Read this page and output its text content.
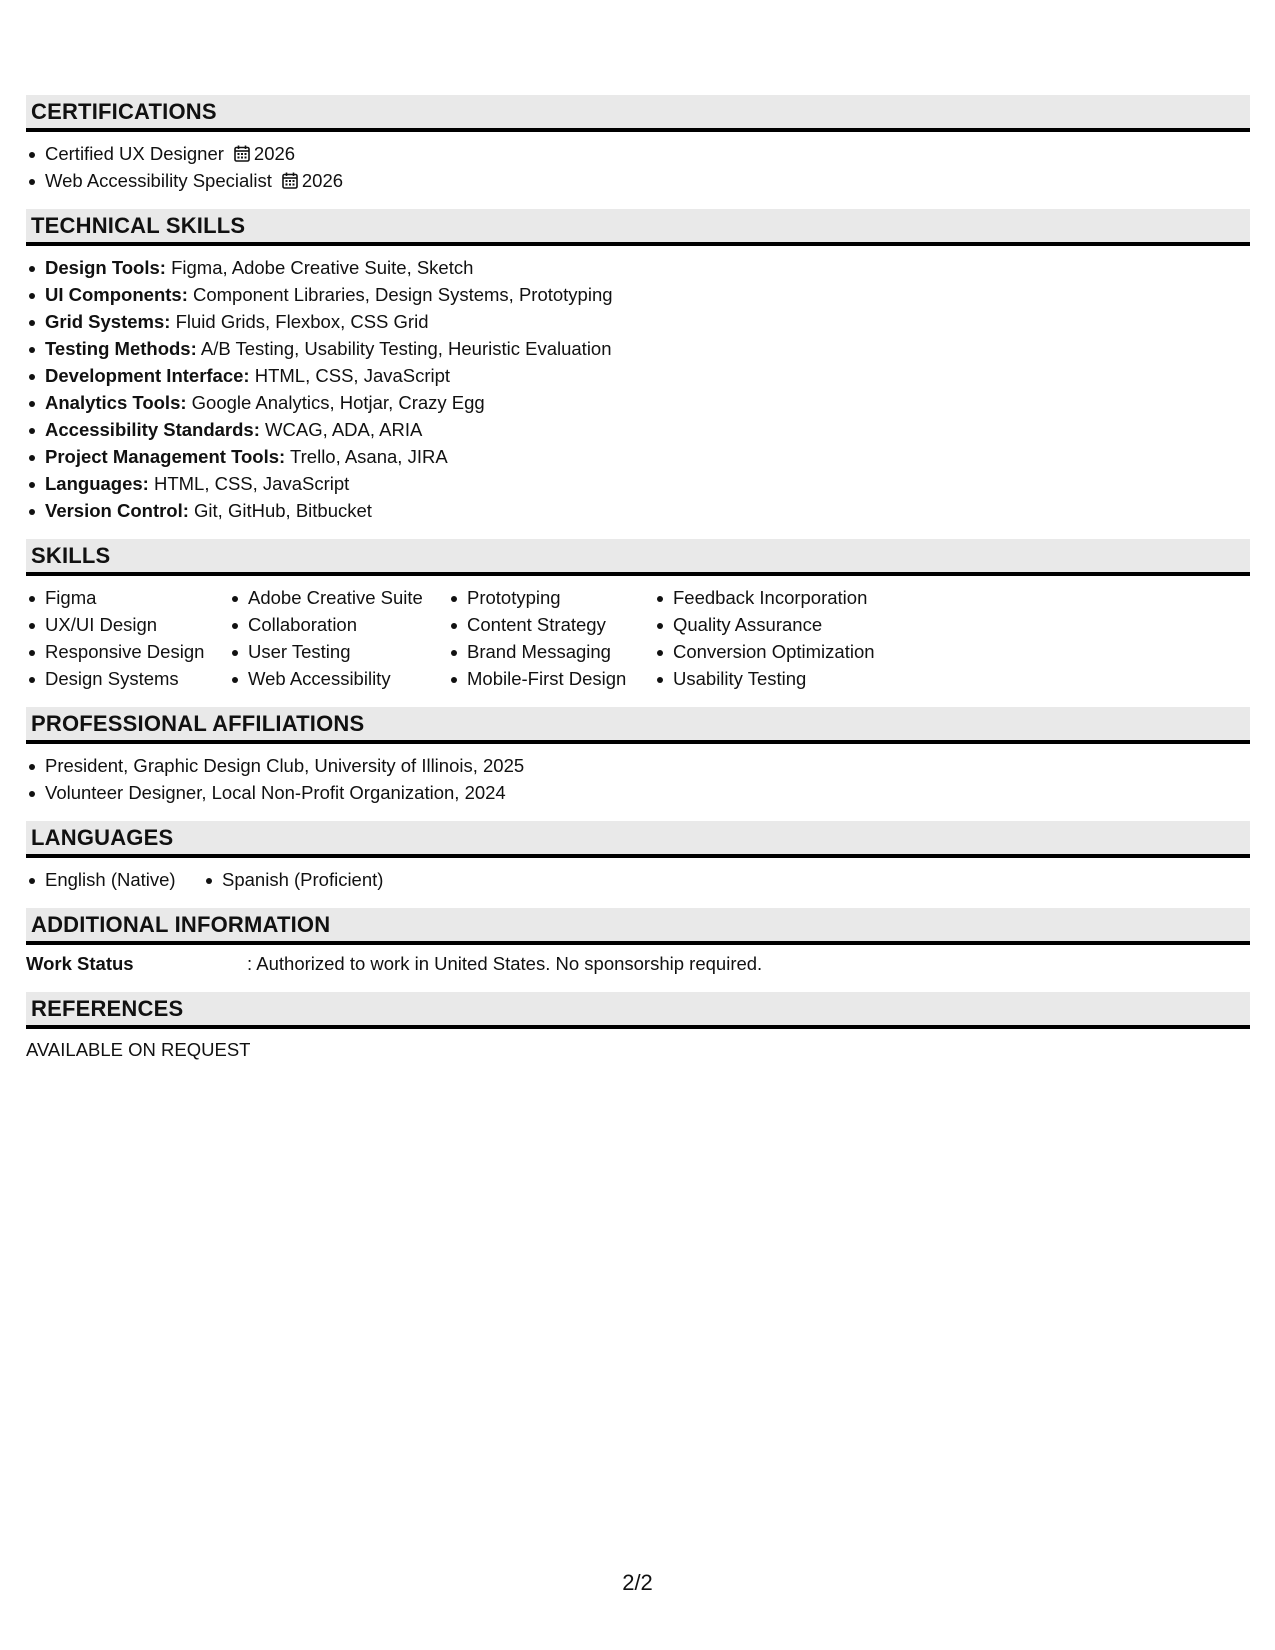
CERTIFICATIONS
Certified UX Designer 2026
Web Accessibility Specialist 2026
TECHNICAL SKILLS
Design Tools: Figma, Adobe Creative Suite, Sketch
UI Components: Component Libraries, Design Systems, Prototyping
Grid Systems: Fluid Grids, Flexbox, CSS Grid
Testing Methods: A/B Testing, Usability Testing, Heuristic Evaluation
Development Interface: HTML, CSS, JavaScript
Analytics Tools: Google Analytics, Hotjar, Crazy Egg
Accessibility Standards: WCAG, ADA, ARIA
Project Management Tools: Trello, Asana, JIRA
Languages: HTML, CSS, JavaScript
Version Control: Git, GitHub, Bitbucket
SKILLS
Figma
UX/UI Design
Responsive Design
Design Systems
Adobe Creative Suite
Collaboration
User Testing
Web Accessibility
Prototyping
Content Strategy
Brand Messaging
Mobile-First Design
Feedback Incorporation
Quality Assurance
Conversion Optimization
Usability Testing
PROFESSIONAL AFFILIATIONS
President, Graphic Design Club, University of Illinois, 2025
Volunteer Designer, Local Non-Profit Organization, 2024
LANGUAGES
English (Native)	Spanish (Proficient)
ADDITIONAL INFORMATION
Work Status	: Authorized to work in United States. No sponsorship required.
REFERENCES
AVAILABLE ON REQUEST
2/2
